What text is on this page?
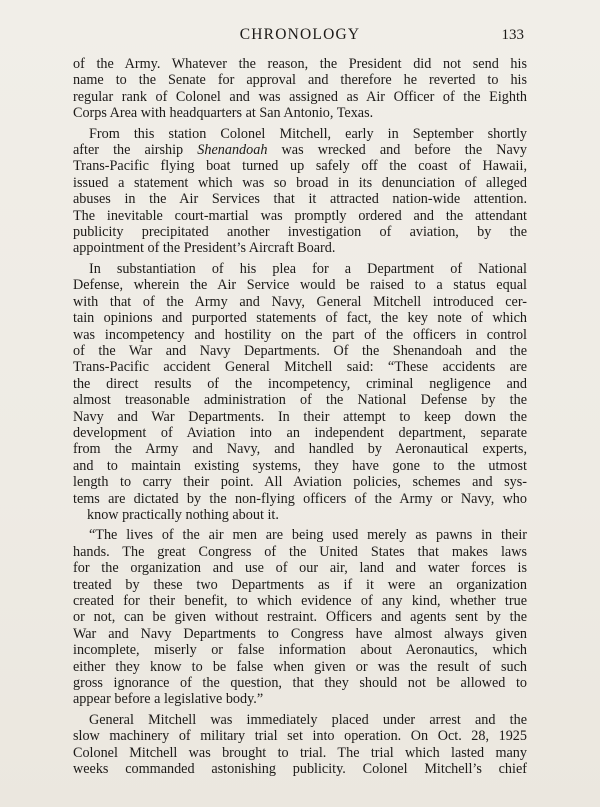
CHRONOLOGY	133
of the Army. Whatever the reason, the President did not send his
name to the Senate for approval and therefore he reverted to his
regular rank of Colonel and was assigned as Air Officer of the Eighth
Corps Area with headquarters at San Antonio, Texas.
From this station Colonel Mitchell, early in September shortly
after the airship Shenandoah was wrecked and before the Navy
Trans-Pacific flying boat turned up safely off the coast of Hawaii,
issued a statement which was so broad in its denunciation of alleged
abuses in the Air Services that it attracted nation-wide attention.
The inevitable court-martial was promptly ordered and the attendant
publicity precipitated another investigation of aviation, by the
appointment of the President’s Aircraft Board.
In substantiation of his plea for a Department of National
Defense, wherein the Air Service would be raised to a status equal
with that of the Army and Navy, General Mitchell introduced cer-
tain opinions and purported statements of fact, the key note of which
was incompetency and hostility on the part of the officers in control
of the War and Navy Departments. Of the Shenandoah and the
Trans-Pacific accident General Mitchell said: “These accidents are
the direct results of the incompetency, criminal negligence and
almost treasonable administration of the National Defense by the
Navy and War Departments. In their attempt to keep down the
development of Aviation into an independent department, separate
from the Army and Navy, and handled by Aeronautical experts,
and to maintain existing systems, they have gone to the utmost
length to carry their point. All Aviation policies, schemes and sys-
tems are dictated by the non-flying officers of the Army or Navy, who
know practically nothing about it.
“The lives of the air men are being used merely as pawns in their
hands. The great Congress of the United States that makes laws
for the organization and use of our air, land and water forces is
treated by these two Departments as if it were an organization
created for their benefit, to which evidence of any kind, whether true
or not, can be given without restraint. Officers and agents sent by the
War and Navy Departments to Congress have almost always given
incomplete, miserly or false information about Aeronautics, which
either they know to be false when given or was the result of such
gross ignorance of the question, that they should not be allowed to
appear before a legislative body.”
General Mitchell was immediately placed under arrest and the
slow machinery of military trial set into operation. On Oct. 28, 1925
Colonel Mitchell was brought to trial. The trial which lasted many
weeks commanded astonishing publicity. Colonel Mitchell’s chief
